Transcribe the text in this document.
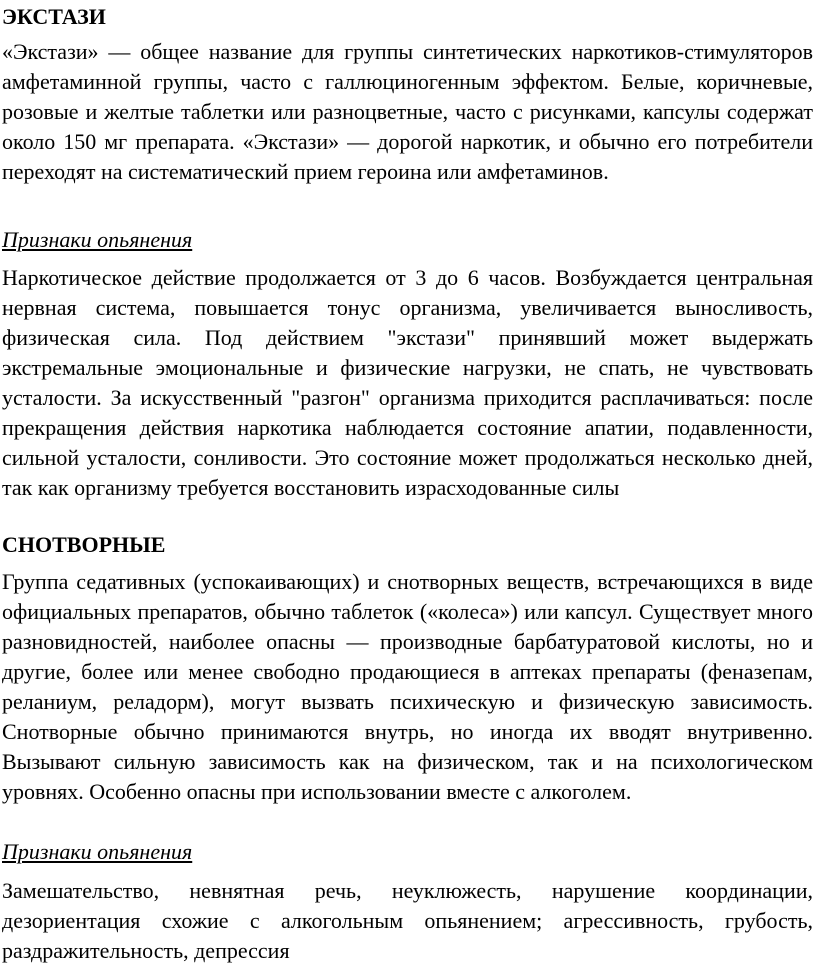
ЭКСТАЗИ

«Экстази» — общее название для группы синтетических наркотиков-стимуляторов амфетаминной группы, часто с галлюциногенным эффектом. Белые, коричневые, розовые и желтые таблетки или разноцветные, часто с рисунками, капсулы содержат около 150 мг препарата. «Экстази» — дорогой наркотик, и обычно его потребители переходят на систематический прием героина или амфетаминов.

Признаки опьянения

Наркотическое действие продолжается от 3 до 6 часов. Возбуждается центральная нервная система, повышается тонус организма, увеличивается выносливость, физическая сила. Под действием "экстази" принявший может выдержать экстремальные эмоциональные и физические нагрузки, не спать, не чувствовать усталости. За искусственный "разгон" организма приходится расплачиваться: после прекращения действия наркотика наблюдается состояние апатии, подавленности, сильной усталости, сонливости. Это состояние может продолжаться несколько дней, так как организму требуется восстановить израсходованные силы

СНОТВОРНЫЕ

Группа седативных (успокаивающих) и снотворных веществ, встречающихся в виде официальных препаратов, обычно таблеток («колеса») или капсул. Существует много разновидностей, наиболее опасны — производные барбатуратовой кислоты, но и другие, более или менее свободно продающиеся в аптеках препараты (феназепам, реланиум, реладорм), могут вызвать психическую и физическую зависимость. Снотворные обычно принимаются внутрь, но иногда их вводят внутривенно. Вызывают сильную зависимость как на физическом, так и на психологическом уровнях. Особенно опасны при использовании вместе с алкоголем.

Признаки опьянения

Замешательство, невнятная речь, неуклюжесть, нарушение координации, дезориентация схожие с алкогольным опьянением; агрессивность, грубость, раздражительность, депрессия
